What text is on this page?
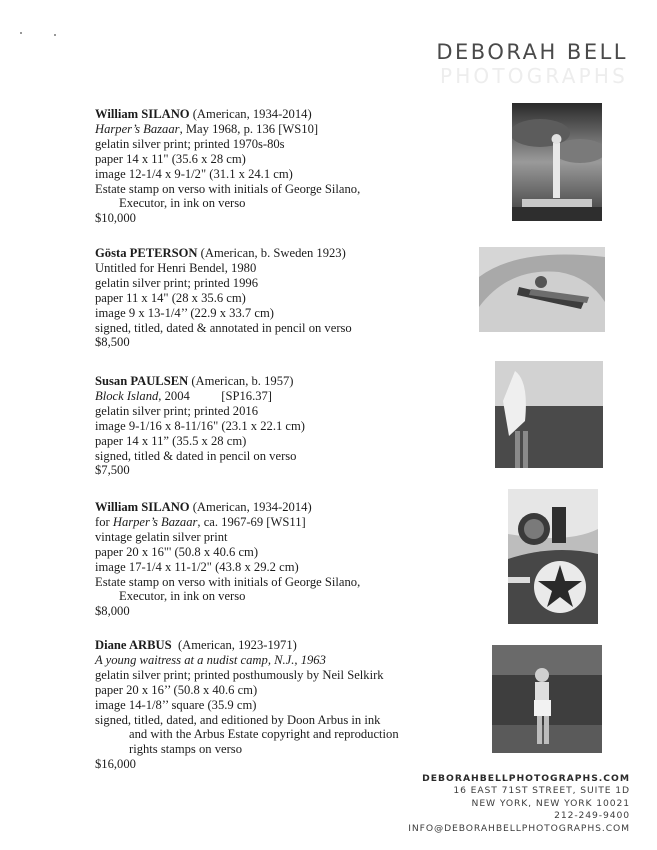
DEBORAH BELL
PHOTOGRAPHS
William SILANO (American, 1934-2014)
Harper’s Bazaar, May 1968, p. 136 [WS10]
gelatin silver print; printed 1970s-80s
paper 14 x 11" (35.6 x 28 cm)
image 12-1/4 x 9-1/2" (31.1 x 24.1 cm)
Estate stamp on verso with initials of George Silano,
Executor, in ink on verso
$10,000
Gösta PETERSON (American, b. Sweden 1923)
Untitled for Henri Bendel, 1980
gelatin silver print; printed 1996
paper 11 x 14" (28 x 35.6 cm)
image 9 x 13-1/4’’ (22.9 x 33.7 cm)
signed, titled, dated & annotated in pencil on verso
$8,500
Susan PAULSEN (American, b. 1957)
Block Island, 2004          [SP16.37]
gelatin silver print; printed 2016
image 9-1/16 x 8-11/16" (23.1 x 22.1 cm)
paper 14 x 11” (35.5 x 28 cm)
signed, titled & dated in pencil on verso
$7,500
William SILANO (American, 1934-2014)
for Harper’s Bazaar, ca. 1967-69 [WS11]
vintage gelatin silver print
paper 20 x 16"' (50.8 x 40.6 cm)
image 17-1/4 x 11-1/2" (43.8 x 29.2 cm)
Estate stamp on verso with initials of George Silano,
Executor, in ink on verso
$8,000
Diane ARBUS  (American, 1923-1971)
A young waitress at a nudist camp, N.J., 1963
gelatin silver print; printed posthumously by Neil Selkirk
paper 20 x 16’’ (50.8 x 40.6 cm)
image 14-1/8’’ square (35.9 cm)
signed, titled, dated, and editioned by Doon Arbus in ink
and with the Arbus Estate copyright and reproduction
rights stamps on verso
$16,000
DEBORAHBELLPHOTOGRAPHS.COM
16 EAST 71ST STREET, SUITE 1D
NEW YORK, NEW YORK 10021
212-249-9400
INFO@DEBORAHBELLPHOTOGRAPHS.COM
